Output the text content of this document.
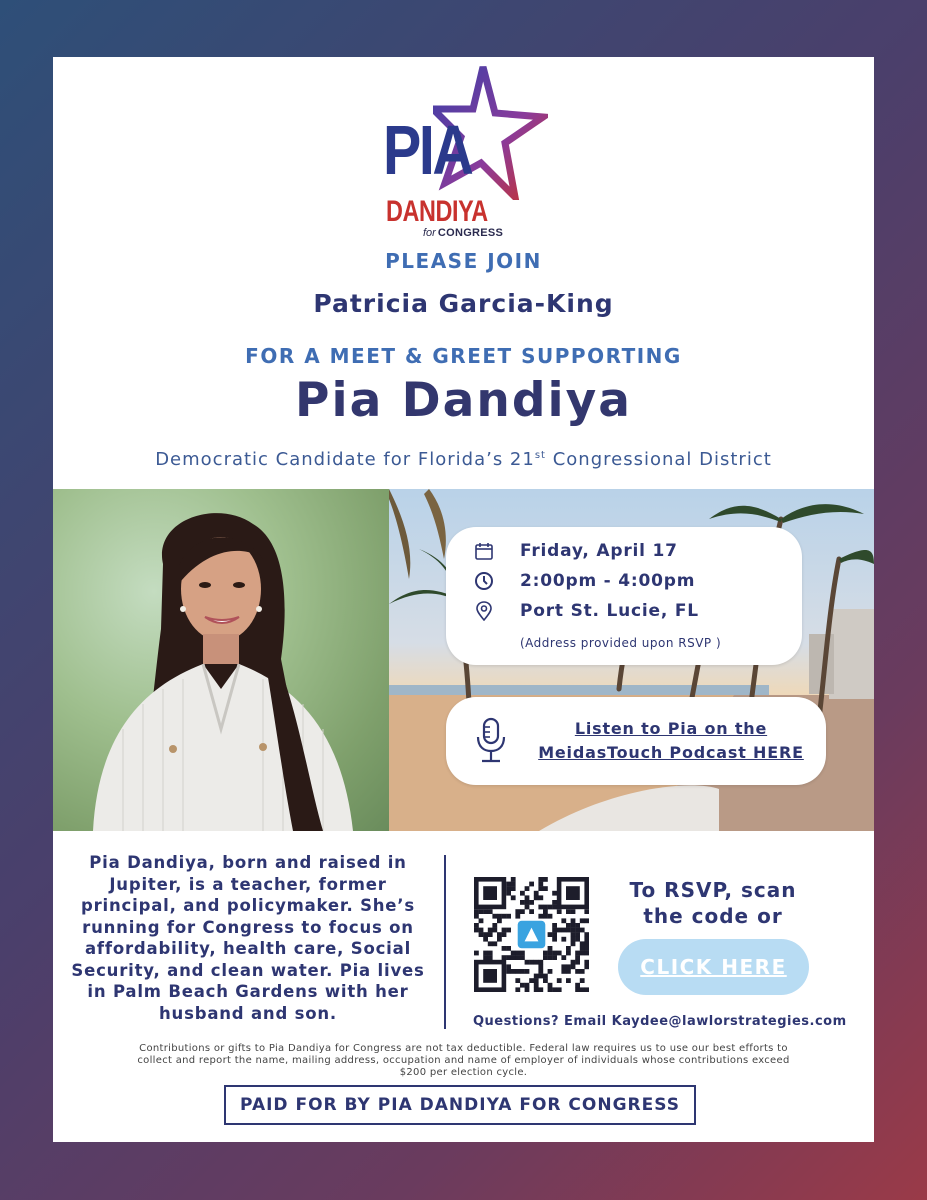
PIA
DANDIYA
for CONGRESS

PLEASE JOIN

Patricia Garcia-King

FOR A MEET & GREET SUPPORTING

Pia Dandiya

Democratic Candidate for Florida’s 21st Congressional District

Friday, April 17
2:00pm - 4:00pm
Port St. Lucie, FL
(Address provided upon RSVP )
Listen to Pia on the
MeidasTouch Podcast HERE

Pia Dandiya, born and raised in Jupiter, is a teacher, former principal, and policymaker. She’s running for Congress to focus on affordability, health care, Social Security, and clean water. Pia lives in Palm Beach Gardens with her husband and son.

To RSVP, scan
the code or

CLICK HERE
Questions? Email Kaydee@lawlorstrategies.com

Contributions or gifts to Pia Dandiya for Congress are not tax deductible. Federal law requires us to use our best efforts to collect and report the name, mailing address, occupation and name of employer of individuals whose contributions exceed $200 per election cycle.

PAID FOR BY PIA DANDIYA FOR CONGRESS
